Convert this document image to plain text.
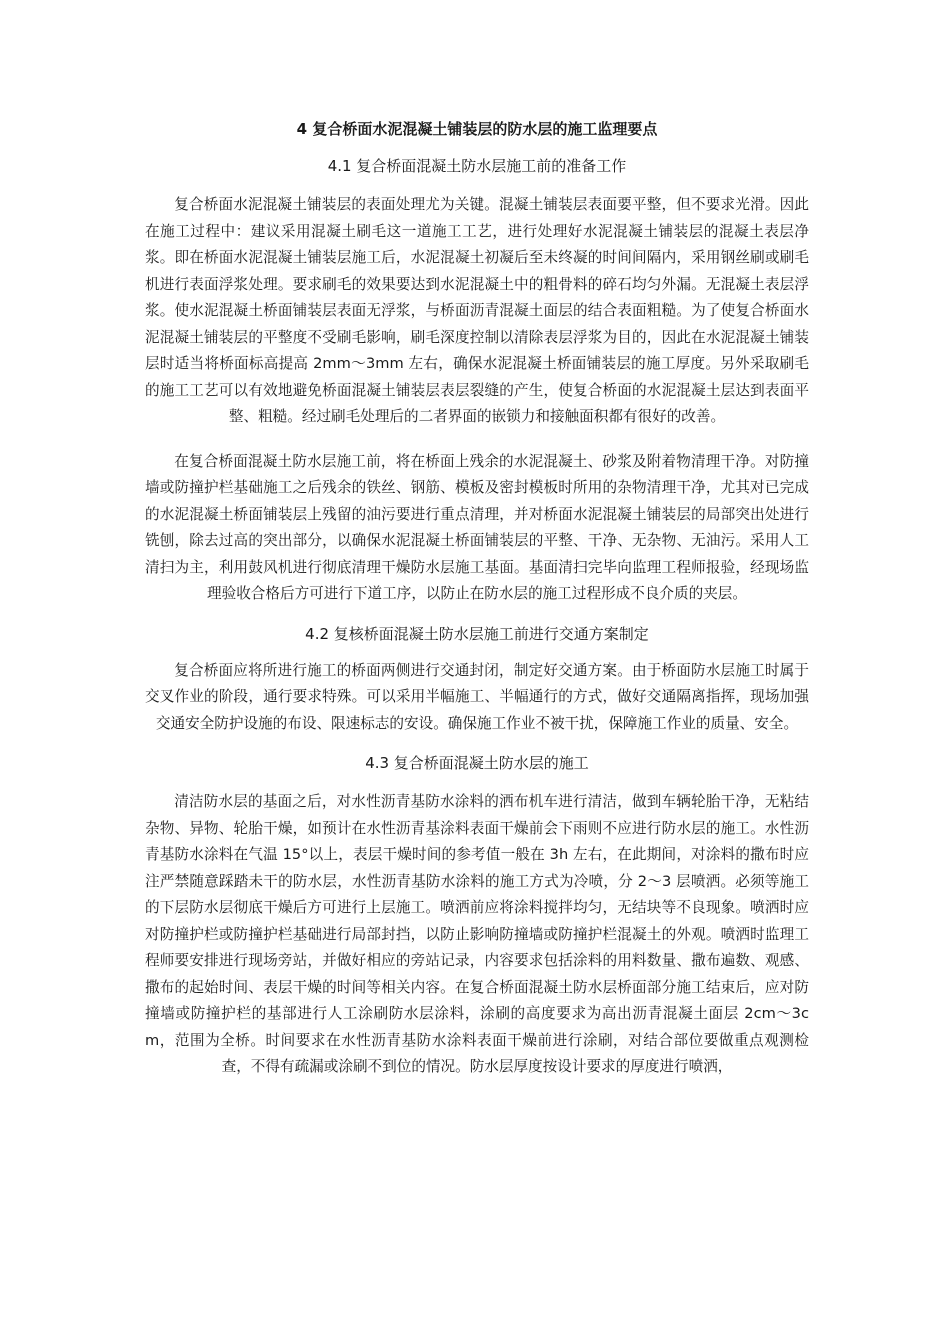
4 复合桥面水泥混凝土铺装层的防水层的施工监理要点
4.1 复合桥面混凝土防水层施工前的准备工作

复合桥面水泥混凝土铺装层的表面处理尤为关键。混凝土铺装层表面要平整，但不要求光滑。因此在施工过程中：建议采用混凝土刷毛这一道施工工艺，进行处理好水泥混凝土铺装层的混凝土表层净浆。即在桥面水泥混凝土铺装层施工后，水泥混凝土初凝后至未终凝的时间间隔内，采用钢丝刷或刷毛机进行表面浮浆处理。要求刷毛的效果要达到水泥混凝土中的粗骨料的碎石均匀外漏。无混凝土表层浮浆。使水泥混凝土桥面铺装层表面无浮浆，与桥面沥青混凝土面层的结合表面粗糙。为了使复合桥面水泥混凝土铺装层的平整度不受刷毛影响，刷毛深度控制以清除表层浮浆为目的，因此在水泥混凝土铺装层时适当将桥面标高提高 2mm～3mm 左右，确保水泥混凝土桥面铺装层的施工厚度。另外采取刷毛的施工工艺可以有效地避免桥面混凝土铺装层表层裂缝的产生，使复合桥面的水泥混凝土层达到表面平整、粗糙。经过刷毛处理后的二者界面的嵌锁力和接触面积都有很好的改善。

在复合桥面混凝土防水层施工前，将在桥面上残余的水泥混凝土、砂浆及附着物清理干净。对防撞墙或防撞护栏基础施工之后残余的铁丝、钢筋、模板及密封模板时所用的杂物清理干净，尤其对已完成的水泥混凝土桥面铺装层上残留的油污要进行重点清理，并对桥面水泥混凝土铺装层的局部突出处进行铣刨，除去过高的突出部分，以确保水泥混凝土桥面铺装层的平整、干净、无杂物、无油污。采用人工清扫为主，利用鼓风机进行彻底清理干燥防水层施工基面。基面清扫完毕向监理工程师报验，经现场监理验收合格后方可进行下道工序，以防止在防水层的施工过程形成不良介质的夹层。

4.2 复核桥面混凝土防水层施工前进行交通方案制定

复合桥面应将所进行施工的桥面两侧进行交通封闭，制定好交通方案。由于桥面防水层施工时属于交叉作业的阶段，通行要求特殊。可以采用半幅施工、半幅通行的方式，做好交通隔离指挥，现场加强交通安全防护设施的布设、限速标志的安设。确保施工作业不被干扰，保障施工作业的质量、安全。

4.3 复合桥面混凝土防水层的施工

清洁防水层的基面之后，对水性沥青基防水涂料的洒布机车进行清洁，做到车辆轮胎干净，无粘结杂物、异物、轮胎干燥，如预计在水性沥青基涂料表面干燥前会下雨则不应进行防水层的施工。水性沥青基防水涂料在气温 15°以上，表层干燥时间的参考值一般在 3h 左右，在此期间，对涂料的撒布时应注严禁随意踩踏未干的防水层，水性沥青基防水涂料的施工方式为冷喷，分 2～3 层喷洒。必须等施工的下层防水层彻底干燥后方可进行上层施工。喷洒前应将涂料搅拌均匀，无结块等不良现象。喷洒时应对防撞护栏或防撞护栏基础进行局部封挡，以防止影响防撞墙或防撞护栏混凝土的外观。喷洒时监理工程师要安排进行现场旁站，并做好相应的旁站记录，内容要求包括涂料的用料数量、撒布遍数、观感、撒布的起始时间、表层干燥的时间等相关内容。在复合桥面混凝土防水层桥面部分施工结束后，应对防撞墙或防撞护栏的基部进行人工涂刷防水层涂料，涂刷的高度要求为高出沥青混凝土面层 2cm～3cm，范围为全桥。时间要求在水性沥青基防水涂料表面干燥前进行涂刷，对结合部位要做重点观测检查，不得有疏漏或涂刷不到位的情况。防水层厚度按设计要求的厚度进行喷洒，
